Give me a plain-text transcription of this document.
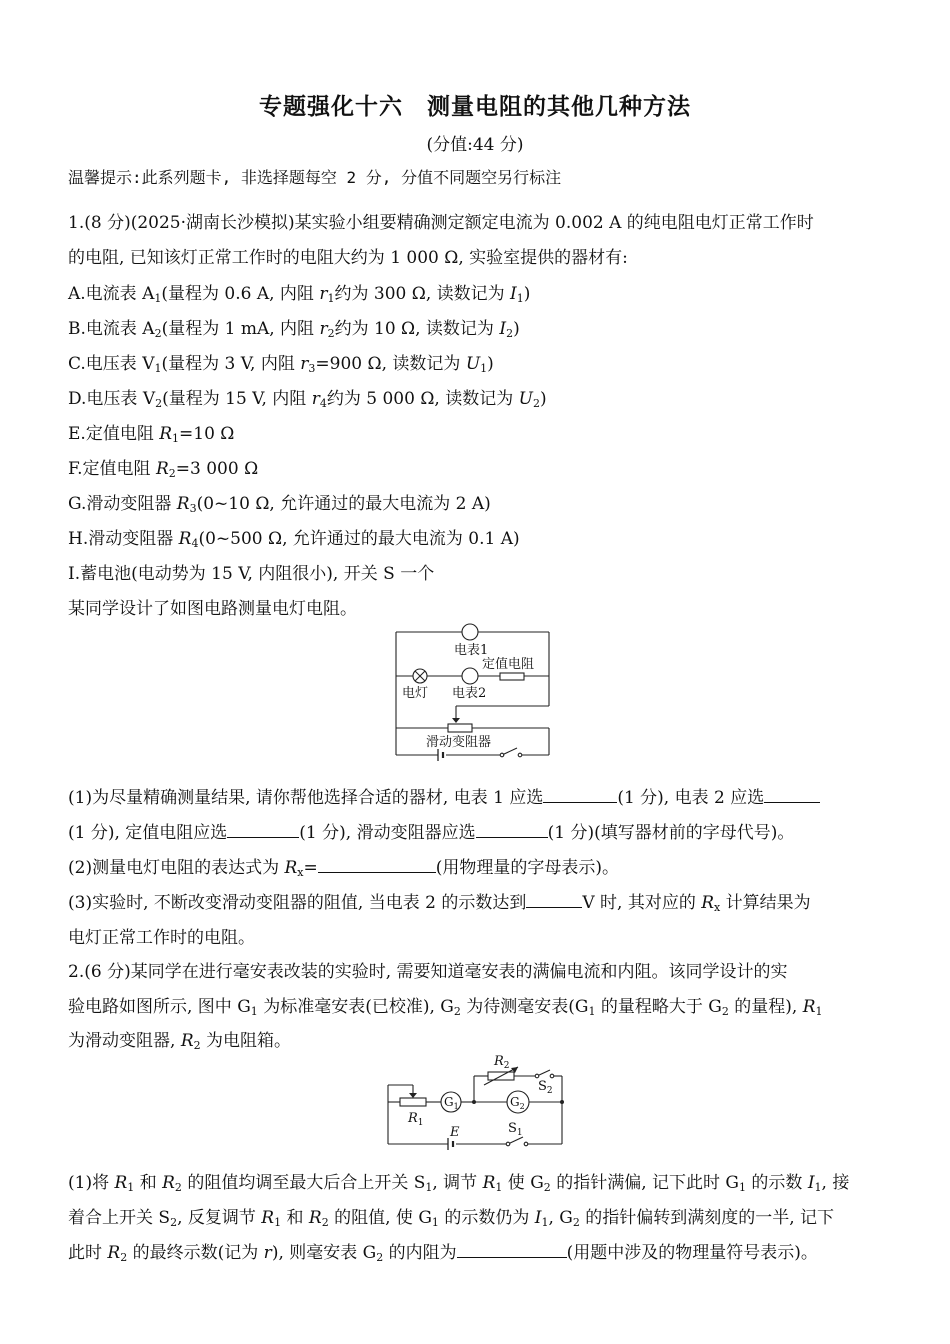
专题强化十六 测量电阻的其他几种方法
(分值:44 分)
温馨提示:此系列题卡, 非选择题每空 2 分, 分值不同题空另行标注
1.(8 分)(2025·湖南长沙模拟)某实验小组要精确测定额定电流为 0.002 A 的纯电阻电灯正常工作时
的电阻, 已知该灯正常工作时的电阻大约为 1 000 Ω, 实验室提供的器材有:
A.电流表 $A_1$(量程为 0.6 A, 内阻 $r_1$约为 300 Ω, 读数记为 $I_1$)
B.电流表 $A_2$(量程为 1 mA, 内阻 $r_2$约为 10 Ω, 读数记为 $I_2$)
C.电压表 $V_1$(量程为 3 V, 内阻 $r_3=900$ Ω, 读数记为 $U_1$)
D.电压表 $V_2$(量程为 15 V, 内阻 $r_4$约为 5 000 Ω, 读数记为 $U_2$)
E.定值电阻 $R_1=10$ Ω
F.定值电阻 $R_2=3$ 000 Ω
G.滑动变阻器 $R_3(0\sim 10$ Ω, 允许通过的最大电流为 2 A)
H.滑动变阻器 $R_4(0\sim 500$ Ω, 允许通过的最大电流为 0.1 A)
I.蓄电池(电动势为 15 V, 内阻很小), 开关 S 一个
某同学设计了如图电路测量电灯电阻。
电表1
定值电阻
电灯 电表2
滑动变阻器
(1)为尽量精确测量结果, 请你帮他选择合适的器材, 电表 1 应选	(1 分), 电表 2 应选
(1 分), 定值电阻应选	(1 分), 滑动变阻器应选	(1 分)(填写器材前的字母代号)。
(2)测量电灯电阻的表达式为 $R_x=$	(用物理量的字母表示)。
(3)实验时, 不断改变滑动变阻器的阻值, 当电表 2 的示数达到	V 时, 其对应的 $R_x$ 计算结果为
电灯正常工作时的电阻。
2.(6 分)某同学在进行毫安表改装的实验时, 需要知道毫安表的满偏电流和内阻。该同学设计的实
验电路如图所示, 图中 $G_1$ 为标准毫安表(已校准), $G_2$ 为待测毫安表($G_1$ 的量程略大于 $G_2$ 的量程), $R_1$
为滑动变阻器, $R_2$ 为电阻箱。
$R_2$
$S_2$
$R_1$
$G_1$	$G_2$
E	$S_1$
(1)将 $R_1$ 和 $R_2$ 的阻值均调至最大后合上开关 $S_1$, 调节 $R_1$ 使 $G_2$ 的指针满偏, 记下此时 $G_1$ 的示数 $I_1$, 接
着合上开关 $S_2$, 反复调节 $R_1$ 和 $R_2$ 的阻值, 使 $G_1$ 的示数仍为 $I_1$, $G_2$ 的指针偏转到满刻度的一半, 记下
此时 $R_2$ 的最终示数(记为 r), 则毫安表 $G_2$ 的内阻为	(用题中涉及的物理量符号表示)。
